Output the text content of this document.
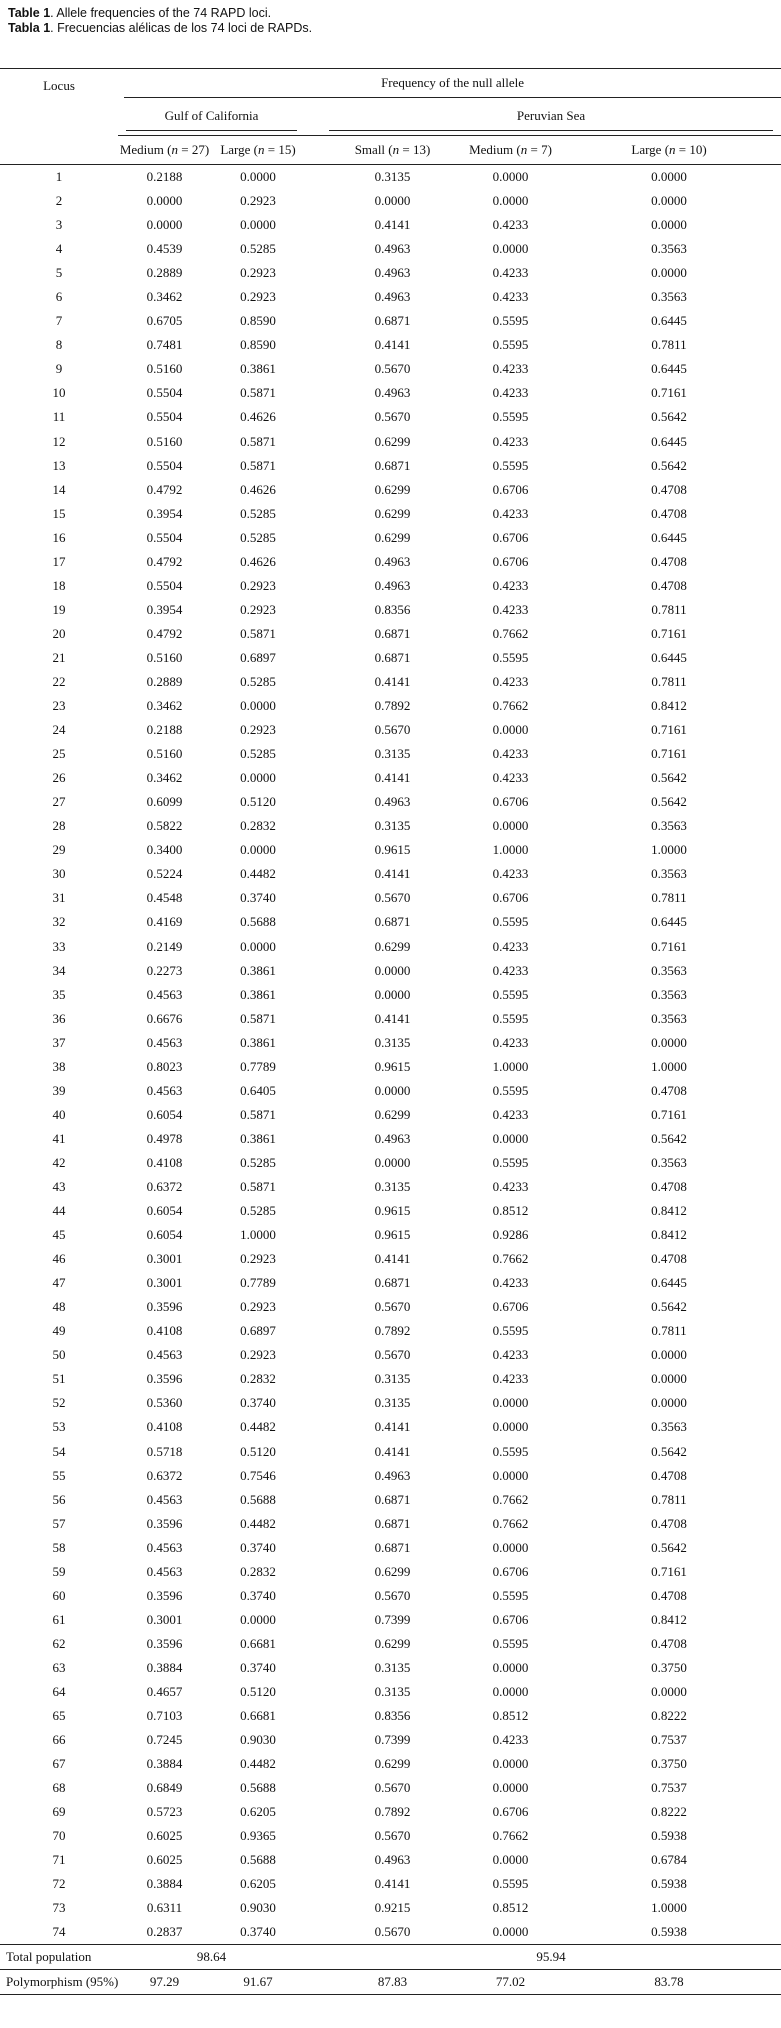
Table 1. Allele frequencies of the 74 RAPD loci.
Tabla 1. Frecuencias alélicas de los 74 loci de RAPDs.
Locus	Frequency of the null allele					

	Gulf of California			Peruvian Sea		

	Medium (n = 27)	Large (n = 15)		Small (n = 13)	Medium (n = 7)	Large (n = 10)
1	0.2188	0.0000		0.3135	0.0000	0.0000
2	0.0000	0.2923		0.0000	0.0000	0.0000
3	0.0000	0.0000		0.4141	0.4233	0.0000
4	0.4539	0.5285		0.4963	0.0000	0.3563
5	0.2889	0.2923		0.4963	0.4233	0.0000
6	0.3462	0.2923		0.4963	0.4233	0.3563
7	0.6705	0.8590		0.6871	0.5595	0.6445
8	0.7481	0.8590		0.4141	0.5595	0.7811
9	0.5160	0.3861		0.5670	0.4233	0.6445
10	0.5504	0.5871		0.4963	0.4233	0.7161
11	0.5504	0.4626		0.5670	0.5595	0.5642
12	0.5160	0.5871		0.6299	0.4233	0.6445
13	0.5504	0.5871		0.6871	0.5595	0.5642
14	0.4792	0.4626		0.6299	0.6706	0.4708
15	0.3954	0.5285		0.6299	0.4233	0.4708
16	0.5504	0.5285		0.6299	0.6706	0.6445
17	0.4792	0.4626		0.4963	0.6706	0.4708
18	0.5504	0.2923		0.4963	0.4233	0.4708
19	0.3954	0.2923		0.8356	0.4233	0.7811
20	0.4792	0.5871		0.6871	0.7662	0.7161
21	0.5160	0.6897		0.6871	0.5595	0.6445
22	0.2889	0.5285		0.4141	0.4233	0.7811
23	0.3462	0.0000		0.7892	0.7662	0.8412
24	0.2188	0.2923		0.5670	0.0000	0.7161
25	0.5160	0.5285		0.3135	0.4233	0.7161
26	0.3462	0.0000		0.4141	0.4233	0.5642
27	0.6099	0.5120		0.4963	0.6706	0.5642
28	0.5822	0.2832		0.3135	0.0000	0.3563
29	0.3400	0.0000		0.9615	1.0000	1.0000
30	0.5224	0.4482		0.4141	0.4233	0.3563
31	0.4548	0.3740		0.5670	0.6706	0.7811
32	0.4169	0.5688		0.6871	0.5595	0.6445
33	0.2149	0.0000		0.6299	0.4233	0.7161
34	0.2273	0.3861		0.0000	0.4233	0.3563
35	0.4563	0.3861		0.0000	0.5595	0.3563
36	0.6676	0.5871		0.4141	0.5595	0.3563
37	0.4563	0.3861		0.3135	0.4233	0.0000
38	0.8023	0.7789		0.9615	1.0000	1.0000
39	0.4563	0.6405		0.0000	0.5595	0.4708
40	0.6054	0.5871		0.6299	0.4233	0.7161
41	0.4978	0.3861		0.4963	0.0000	0.5642
42	0.4108	0.5285		0.0000	0.5595	0.3563
43	0.6372	0.5871		0.3135	0.4233	0.4708
44	0.6054	0.5285		0.9615	0.8512	0.8412
45	0.6054	1.0000		0.9615	0.9286	0.8412
46	0.3001	0.2923		0.4141	0.7662	0.4708
47	0.3001	0.7789		0.6871	0.4233	0.6445
48	0.3596	0.2923		0.5670	0.6706	0.5642
49	0.4108	0.6897		0.7892	0.5595	0.7811
50	0.4563	0.2923		0.5670	0.4233	0.0000
51	0.3596	0.2832		0.3135	0.4233	0.0000
52	0.5360	0.3740		0.3135	0.0000	0.0000
53	0.4108	0.4482		0.4141	0.0000	0.3563
54	0.5718	0.5120		0.4141	0.5595	0.5642
55	0.6372	0.7546		0.4963	0.0000	0.4708
56	0.4563	0.5688		0.6871	0.7662	0.7811
57	0.3596	0.4482		0.6871	0.7662	0.4708
58	0.4563	0.3740		0.6871	0.0000	0.5642
59	0.4563	0.2832		0.6299	0.6706	0.7161
60	0.3596	0.3740		0.5670	0.5595	0.4708
61	0.3001	0.0000		0.7399	0.6706	0.8412
62	0.3596	0.6681		0.6299	0.5595	0.4708
63	0.3884	0.3740		0.3135	0.0000	0.3750
64	0.4657	0.5120		0.3135	0.0000	0.0000
65	0.7103	0.6681		0.8356	0.8512	0.8222
66	0.7245	0.9030		0.7399	0.4233	0.7537
67	0.3884	0.4482		0.6299	0.0000	0.3750
68	0.6849	0.5688		0.5670	0.0000	0.7537
69	0.5723	0.6205		0.7892	0.6706	0.8222
70	0.6025	0.9365		0.5670	0.7662	0.5938
71	0.6025	0.5688		0.4963	0.0000	0.6784
72	0.3884	0.6205		0.4141	0.5595	0.5938
73	0.6311	0.9030		0.9215	0.8512	1.0000
74	0.2837	0.3740		0.5670	0.0000	0.5938
Total population	98.64			95.94		
Polymorphism (95%)	97.29	91.67		87.83	77.02	83.78
